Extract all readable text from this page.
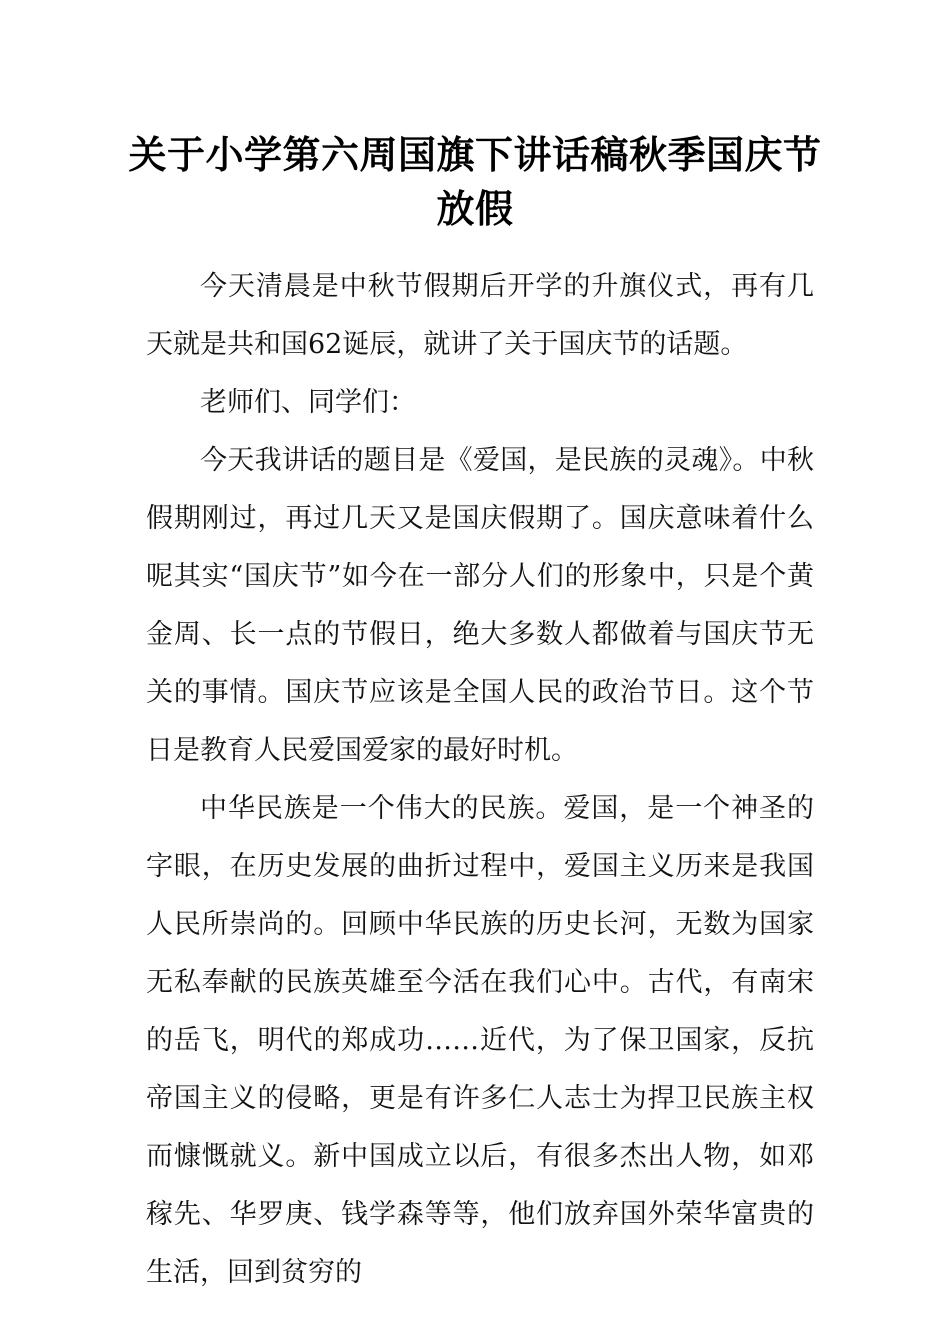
关于小学第六周国旗下讲话稿秋季国庆节放假

今天清晨是中秋节假期后开学的升旗仪式，再有几天就是共和国62诞辰，就讲了关于国庆节的话题。

老师们、同学们：

今天我讲话的题目是《爱国，是民族的灵魂》。中秋假期刚过，再过几天又是国庆假期了。国庆意味着什么呢其实“国庆节”如今在一部分人们的形象中，只是个黄金周、长一点的节假日，绝大多数人都做着与国庆节无关的事情。国庆节应该是全国人民的政治节日。这个节日是教育人民爱国爱家的最好时机。

中华民族是一个伟大的民族。爱国，是一个神圣的字眼，在历史发展的曲折过程中，爱国主义历来是我国人民所崇尚的。回顾中华民族的历史长河，无数为国家无私奉献的民族英雄至今活在我们心中。古代，有南宋的岳飞，明代的郑成功……近代，为了保卫国家，反抗帝国主义的侵略，更是有许多仁人志士为捍卫民族主权而慷慨就义。新中国成立以后，有很多杰出人物，如邓稼先、华罗庚、钱学森等等，他们放弃国外荣华富贵的生活，回到贫穷的
